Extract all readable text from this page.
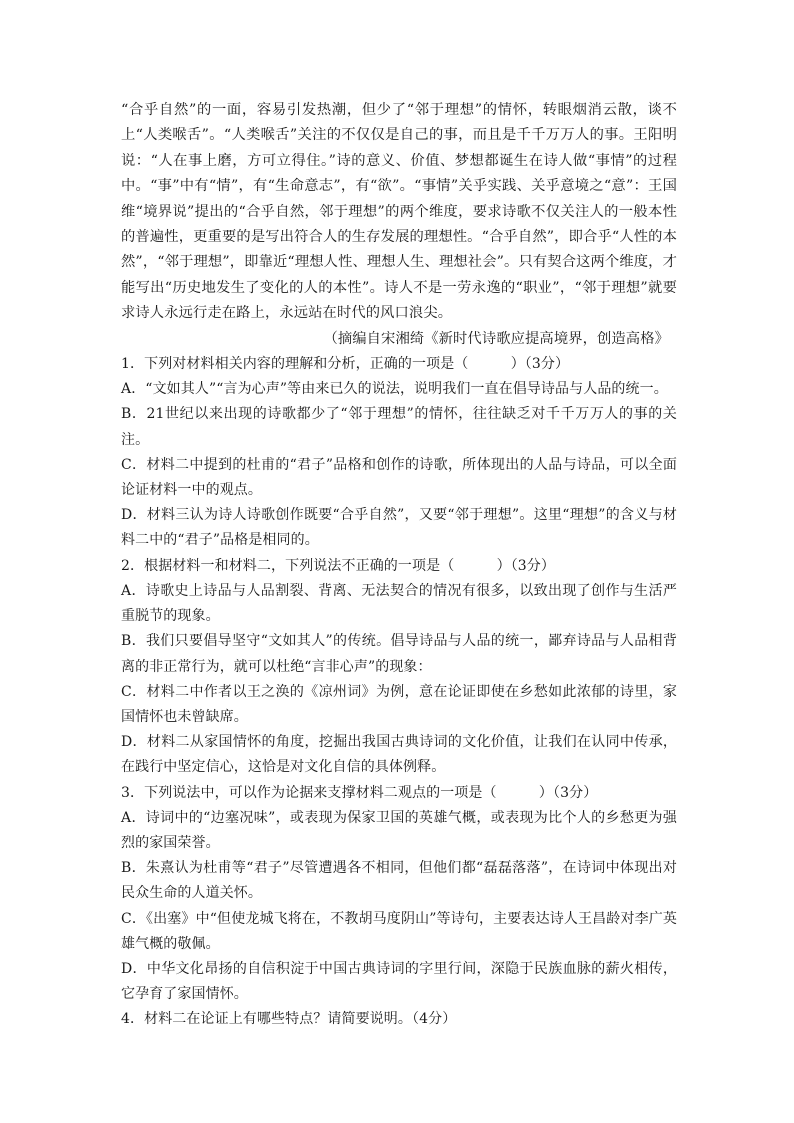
“合乎自然”的一面，容易引发热潮，但少了“邻于理想”的情怀，转眼烟消云散，谈不上“人类喉舌”。“人类喉舌”关注的不仅仅是自己的事，而且是千千万万人的事。王阳明说：“人在事上磨，方可立得住。”诗的意义、价值、梦想都诞生在诗人做“事情”的过程中。“事”中有“情”，有“生命意志”，有“欲”。“事情”关乎实践、关乎意境之“意”：王国维“境界说”提出的“合乎自然，邻于理想”的两个维度，要求诗歌不仅关注人的一般本性的普遍性，更重要的是写出符合人的生存发展的理想性。“合乎自然”，即合乎“人性的本然”，“邻于理想”，即靠近“理想人性、理想人生、理想社会”。只有契合这两个维度，才能写出“历史地发生了变化的人的本性”。诗人不是一劳永逸的“职业”，“邻于理想”就要求诗人永远行走在路上，永远站在时代的风口浪尖。

（摘编自宋湘绮《新时代诗歌应提高境界，创造高格》

1．下列对材料相关内容的理解和分析，正确的一项是（　　　）（3分）

A．“文如其人”“言为心声”等由来已久的说法，说明我们一直在倡导诗品与人品的统一。

B．21世纪以来出现的诗歌都少了“邻于理想”的情怀，往往缺乏对千千万万人的事的关注。

C．材料二中提到的杜甫的“君子”品格和创作的诗歌，所体现出的人品与诗品，可以全面论证材料一中的观点。

D．材料三认为诗人诗歌创作既要“合乎自然”，又要“邻于理想”。这里“理想”的含义与材料二中的“君子”品格是相同的。

2．根据材料一和材料二，下列说法不正确的一项是（　　　）（3分）

A．诗歌史上诗品与人品割裂、背离、无法契合的情况有很多，以致出现了创作与生活严重脱节的现象。

B．我们只要倡导坚守“文如其人”的传统。倡导诗品与人品的统一，鄙弃诗品与人品相背离的非正常行为，就可以杜绝“言非心声”的现象：

C．材料二中作者以王之涣的《凉州词》为例，意在论证即使在乡愁如此浓郁的诗里，家国情怀也未曾缺席。

D．材料二从家国情怀的角度，挖掘出我国古典诗词的文化价值，让我们在认同中传承，在践行中坚定信心，这恰是对文化自信的具体例释。

3．下列说法中，可以作为论据来支撑材料二观点的一项是（　　　）（3分）

A．诗词中的“边塞况味”，或表现为保家卫国的英雄气概，或表现为比个人的乡愁更为强烈的家国荣誉。

B．朱熹认为杜甫等“君子”尽管遭遇各不相同，但他们都“磊磊落落”，在诗词中体现出对民众生命的人道关怀。

C．《出塞》中“但使龙城飞将在，不教胡马度阴山”等诗句，主要表达诗人王昌龄对李广英雄气概的敬佩。

D．中华文化昂扬的自信积淀于中国古典诗词的字里行间，深隐于民族血脉的薪火相传，它孕育了家国情怀。

4．材料二在论证上有哪些特点？请简要说明。（4分）
